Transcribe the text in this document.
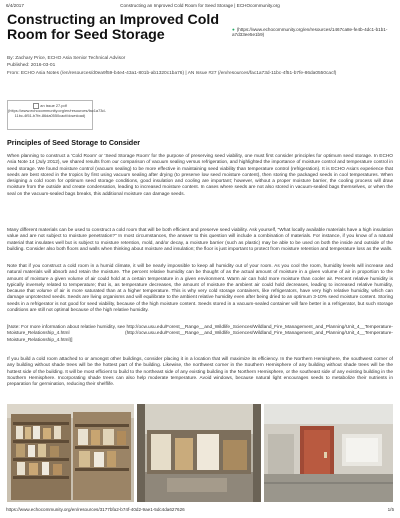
6/4/2017	Constructing an Improved Cold Room for Seed Storage | ECHOcommunity.org
Constructing an Improved Cold Room for Seed Storage	● (https://www.echocommunity.org/en/resources/1467ca8e-fe4b-4dc1-b1b1-a7d33ee5e1b9)
By: Zachary Price, ECHO Asia Senior Technical Advisor
Published: 2016-03-01
From: ECHO Asia Notes (/en/resources/d0ea9f59-b4e4-43a1-801b-ab1320c1ba76) | AN Issue #27 (/en/resources/fac1a73d-11bc-4f51-b7fe-86da0550cacf)
an issue 27.pdf
(https://www.echocommunity.org/en/resources/fac1a73d-11bc-4f51-b7fe-86da0550cacf/download)
Principles of Seed Storage to Consider

When planning to construct a ‘Cold Room’ or ‘Seed Storage Room’ for the purpose of preserving seed viability, one must first consider principles for optimum seed storage. In ECHO Asia Note 14 (July 2012), we shared results from our comparison of vacuum sealing versus refrigeration, and highlighted the importance of moisture control and temperature control in seed storage. We found moisture control (vacuum sealing) to be more effective in maintaining seed viability than temperature control (refrigeration). It is ECHO Asia’s experience that seeds are best stored in the tropics by first using vacuum sealing after drying (to preserve low seed moisture content), then storing the packaged seeds in cool temperatures. When designing a cold room for optimum seed storage conditions, good insulation and cooling are important; however, without a proper moisture barrier, the cooling process will draw moisture from the outside and create condensation, leading to increased moisture content. In cases where seeds are not also stored in vacuum-sealed bags themselves, or when the seal on the vacuum-sealed bags breaks, this additional moisture can damage seeds.

Many different materials can be used to construct a cold room that will be both efficient and preserve seed viability. Ask yourself, “What locally available materials have a high insulation value and are not subject to moisture penetration?” In most circumstances, the answer to this question will include a combination of materials. For instance, if you know of a natural material that insulates well but is subject to moisture retention, mold, and/or decay, a moisture barrier (such as plastic) may be able to be used on both the inside and outside of the building. Consider also both floors and walls when thinking about moisture and insulation; the floor is just important to protect from moisture retention and temperature loss as the walls.

Note that if you construct a cold room in a humid climate, it will be nearly impossible to keep all humidity out of your room. As you cool the room, humidity levels will increase and natural materials will absorb and retain the moisture. The percent relative humidity can be thought of as the actual amount of moisture in a given volume of air in proportion to the amount of moisture a given volume of air could hold at a certain temperature in a given environment. Warm air can hold more moisture than cooler air. Percent relative humidity is typically inversely related to temperature; that is, as temperature decreases, the amount of moisture the ambient air could hold decreases, leading to increased relative humidity, because that volume of air is more saturated than at a higher temperature. This is why very cold storage containers, like refrigerators, have very high relative humidity, which can damage unprotected seeds. Seeds are living organisms and will equilibrate to the ambient relative humidity even after being dried to an optimum 3-10% seed moisture content. Storing seeds in a refrigerator is not good for seed viability, because of the high moisture content. Seeds stored in a vacuum-sealed container will fare better in a refrigerator, but such storage conditions are still not optimal because of the high relative humidity.

[Note: For more information about relative humidity, see http://ocw.usu.edu/Forest__Range__and_Wildlife_Sciences/Wildland_Fire_Management_and_Planning/Unit_4__Temperature-Moisture_Relationship_4.html (http://ocw.usu.edu/Forest__Range__and_Wildlife_Sciences/Wildland_Fire_Management_and_Planning/Unit_4__Temperature-Moisture_Relationship_4.html)]

If you build a cold room attached to or amongst other buildings, consider placing it in a location that will maximize its efficiency. In the Northern Hemisphere, the southwest corner of any building without shade trees will be the hottest part of the building. Likewise, the northwest corner in the Southern Hemisphere of any building without shade trees will be the hottest side of the building. It will be most efficient to build to the northeast side of any existing building in the Northern Hemisphere, or the southeast side of any existing building in the Southern Hemisphere. Incorporating shade trees can also help moderate temperature. Avoid windows, because natural light encourages seeds to metabolize their nutrients in preparation for germination, reducing their shelflife.

https://www.echocommunity.org/en/resources/3177bfa2-b74f-40d2-9ae1-5dc4da627626	1/5
